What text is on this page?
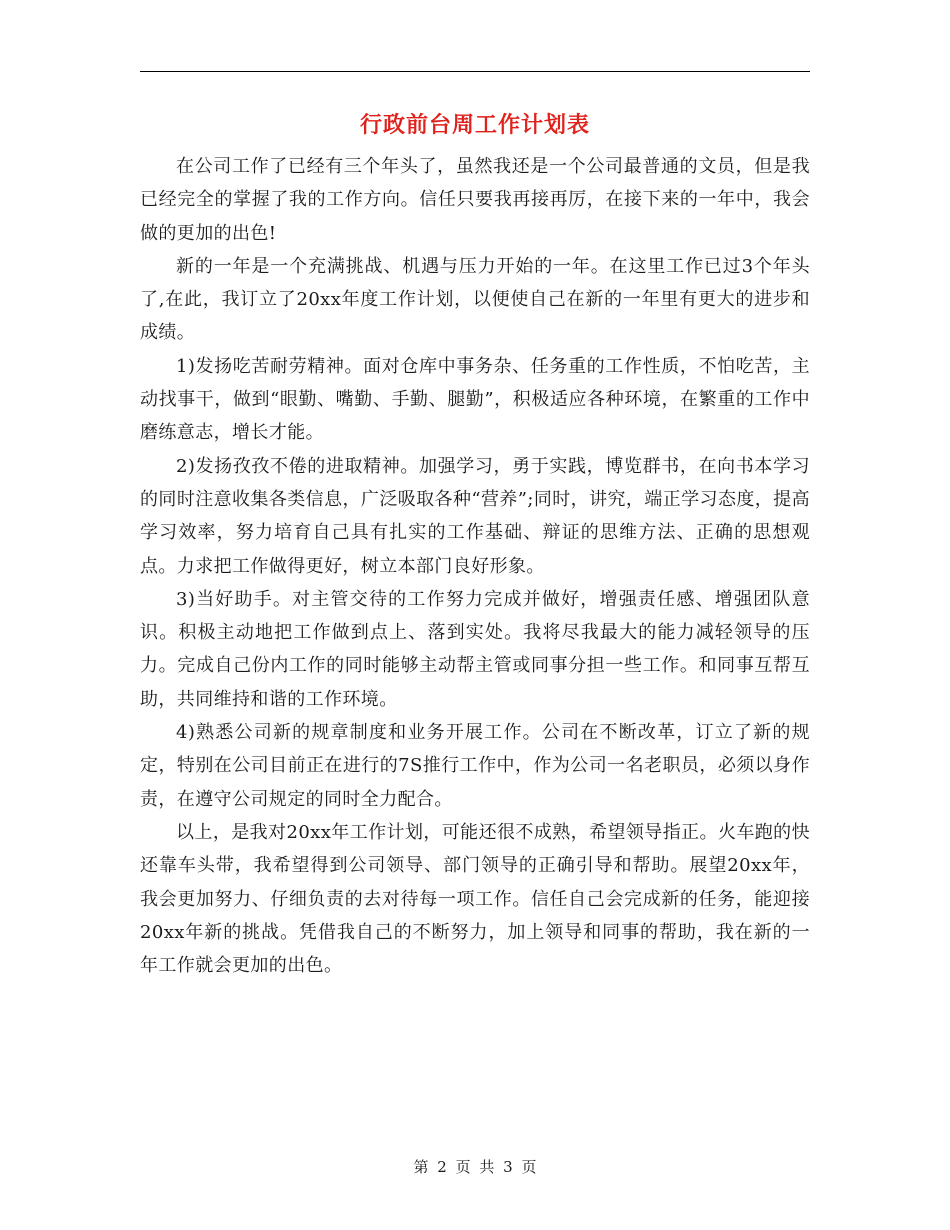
行政前台周工作计划表

在公司工作了已经有三个年头了，虽然我还是一个公司最普通的文员，但是我已经完全的掌握了我的工作方向。信任只要我再接再厉，在接下来的一年中，我会做的更加的出色!

新的一年是一个充满挑战、机遇与压力开始的一年。在这里工作已过3个年头了,在此，我订立了20xx年度工作计划，以便使自己在新的一年里有更大的进步和成绩。

1)发扬吃苦耐劳精神。面对仓库中事务杂、任务重的工作性质，不怕吃苦，主动找事干，做到“眼勤、嘴勤、手勤、腿勤”，积极适应各种环境，在繁重的工作中磨练意志，增长才能。

2)发扬孜孜不倦的进取精神。加强学习，勇于实践，博览群书，在向书本学习的同时注意收集各类信息，广泛吸取各种“营养”;同时，讲究，端正学习态度，提高学习效率，努力培育自己具有扎实的工作基础、辩证的思维方法、正确的思想观点。力求把工作做得更好，树立本部门良好形象。

3)当好助手。对主管交待的工作努力完成并做好，增强责任感、增强团队意识。积极主动地把工作做到点上、落到实处。我将尽我最大的能力减轻领导的压力。完成自己份内工作的同时能够主动帮主管或同事分担一些工作。和同事互帮互助，共同维持和谐的工作环境。

4)熟悉公司新的规章制度和业务开展工作。公司在不断改革，订立了新的规定，特别在公司目前正在进行的7S推行工作中，作为公司一名老职员，必须以身作责，在遵守公司规定的同时全力配合。

以上，是我对20xx年工作计划，可能还很不成熟，希望领导指正。火车跑的快还靠车头带，我希望得到公司领导、部门领导的正确引导和帮助。展望20xx年，我会更加努力、仔细负责的去对待每一项工作。信任自己会完成新的任务，能迎接20xx年新的挑战。凭借我自己的不断努力，加上领导和同事的帮助，我在新的一年工作就会更加的出色。

第 2 页 共 3 页
